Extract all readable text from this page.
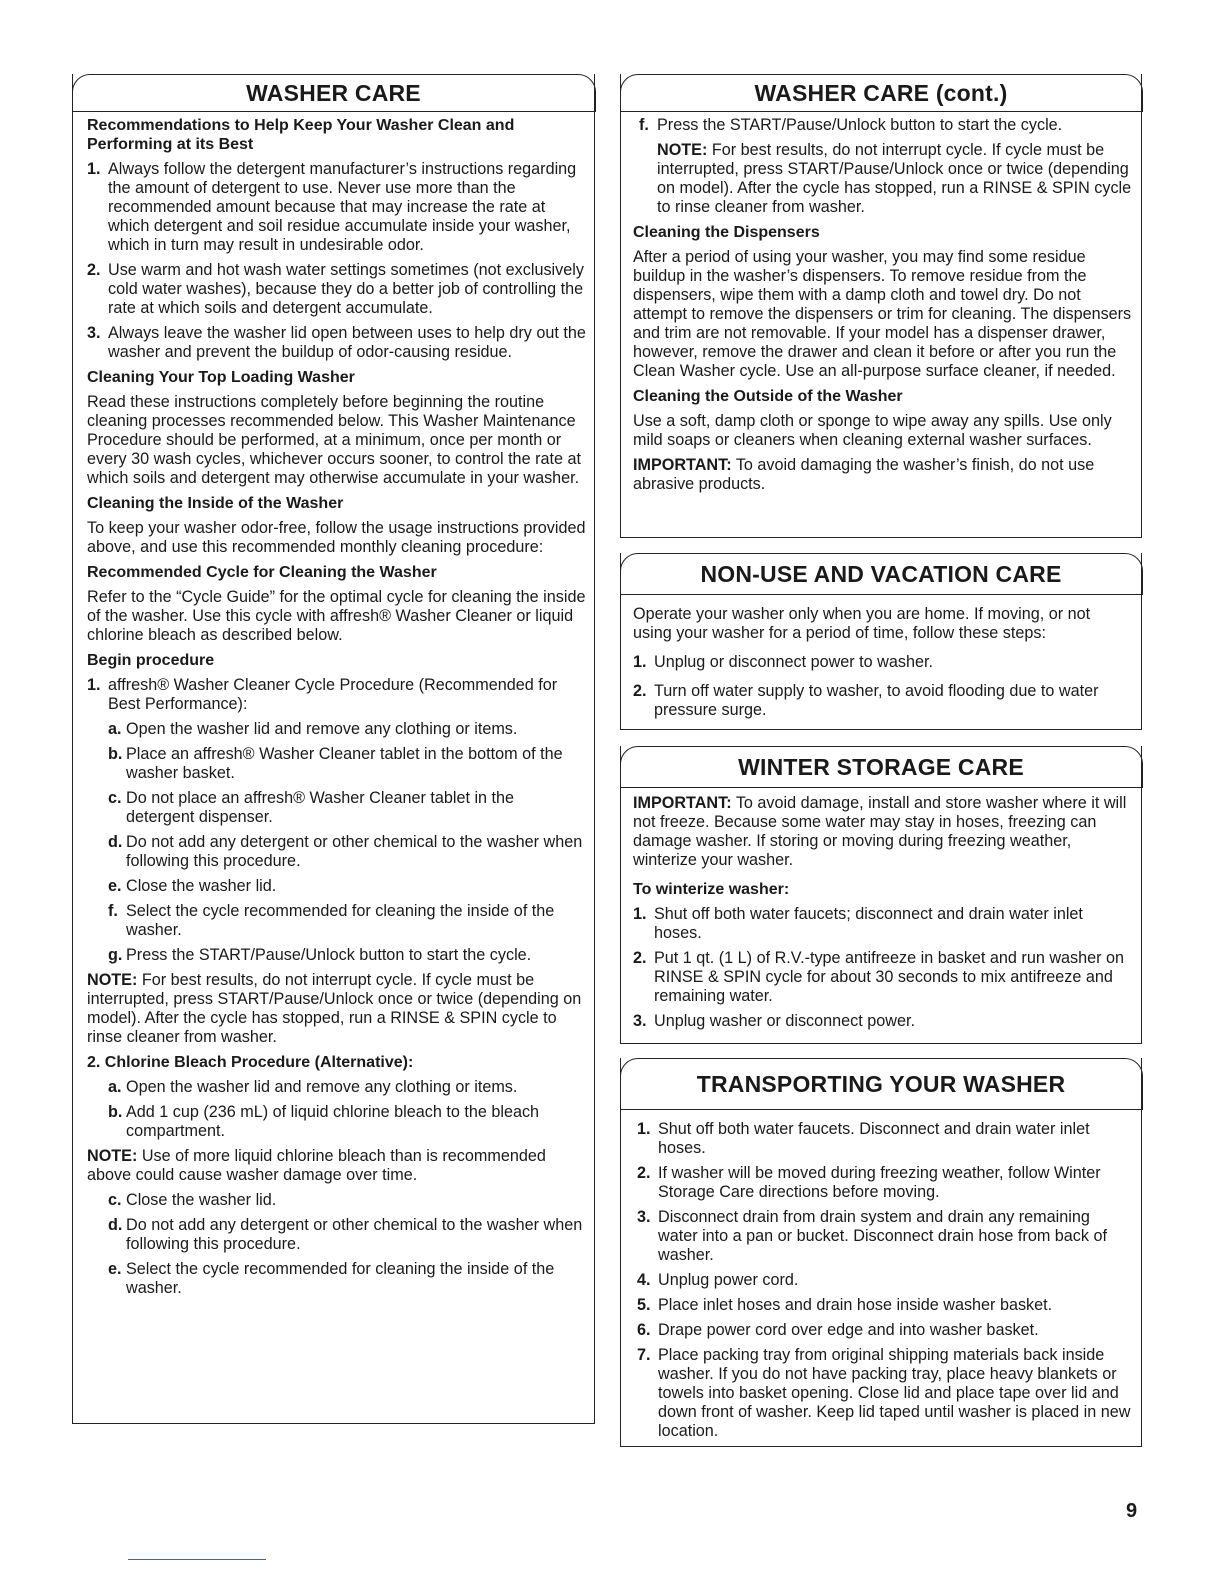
WASHER CARE
Recommendations to Help Keep Your Washer Clean and Performing at its Best
1. Always follow the detergent manufacturer’s instructions regarding the amount of detergent to use. Never use more than the recommended amount because that may increase the rate at which detergent and soil residue accumulate inside your washer, which in turn may result in undesirable odor.
2. Use warm and hot wash water settings sometimes (not exclusively cold water washes), because they do a better job of controlling the rate at which soils and detergent accumulate.
3. Always leave the washer lid open between uses to help dry out the washer and prevent the buildup of odor-causing residue.
Cleaning Your Top Loading Washer

Read these instructions completely before beginning the routine cleaning processes recommended below. This Washer Maintenance Procedure should be performed, at a minimum, once per month or every 30 wash cycles, whichever occurs sooner, to control the rate at which soils and detergent may otherwise accumulate in your washer.

Cleaning the Inside of the Washer

To keep your washer odor-free, follow the usage instructions provided above, and use this recommended monthly cleaning procedure:

Recommended Cycle for Cleaning the Washer

Refer to the “Cycle Guide” for the optimal cycle for cleaning the inside of the washer. Use this cycle with affresh® Washer Cleaner or liquid chlorine bleach as described below.

Begin procedure
1. affresh® Washer Cleaner Cycle Procedure (Recommended for Best Performance):
a. Open the washer lid and remove any clothing or items.
b. Place an affresh® Washer Cleaner tablet in the bottom of the washer basket.
c. Do not place an affresh® Washer Cleaner tablet in the detergent dispenser.
d. Do not add any detergent or other chemical to the washer when following this procedure.
e. Close the washer lid.
f. Select the cycle recommended for cleaning the inside of the washer.
g. Press the START/Pause/Unlock button to start the cycle.

NOTE: For best results, do not interrupt cycle. If cycle must be interrupted, press START/Pause/Unlock once or twice (depending on model). After the cycle has stopped, run a RINSE & SPIN cycle to rinse cleaner from washer.

2. Chlorine Bleach Procedure (Alternative):
a. Open the washer lid and remove any clothing or items.
b. Add 1 cup (236 mL) of liquid chlorine bleach to the bleach compartment.

NOTE: Use of more liquid chlorine bleach than is recommended above could cause washer damage over time.

c. Close the washer lid.
d. Do not add any detergent or other chemical to the washer when following this procedure.
e. Select the cycle recommended for cleaning the inside of the washer.
WASHER CARE (cont.)
f. Press the START/Pause/Unlock button to start the cycle.

NOTE: For best results, do not interrupt cycle. If cycle must be interrupted, press START/Pause/Unlock once or twice (depending on model). After the cycle has stopped, run a RINSE & SPIN cycle to rinse cleaner from washer.

Cleaning the Dispensers

After a period of using your washer, you may find some residue buildup in the washer’s dispensers. To remove residue from the dispensers, wipe them with a damp cloth and towel dry. Do not attempt to remove the dispensers or trim for cleaning. The dispensers and trim are not removable. If your model has a dispenser drawer, however, remove the drawer and clean it before or after you run the Clean Washer cycle. Use an all-purpose surface cleaner, if needed.

Cleaning the Outside of the Washer

Use a soft, damp cloth or sponge to wipe away any spills. Use only mild soaps or cleaners when cleaning external washer surfaces.

IMPORTANT: To avoid damaging the washer’s finish, do not use abrasive products.

NON-USE AND VACATION CARE

Operate your washer only when you are home. If moving, or not using your washer for a period of time, follow these steps:

1. Unplug or disconnect power to washer.
2. Turn off water supply to washer, to avoid flooding due to water pressure surge.
WINTER STORAGE CARE

IMPORTANT: To avoid damage, install and store washer where it will not freeze. Because some water may stay in hoses, freezing can damage washer. If storing or moving during freezing weather, winterize your washer.

To winterize washer:
1. Shut off both water faucets; disconnect and drain water inlet hoses.
2. Put 1 qt. (1 L) of R.V.-type antifreeze in basket and run washer on RINSE & SPIN cycle for about 30 seconds to mix antifreeze and remaining water.
3. Unplug washer or disconnect power.
TRANSPORTING YOUR WASHER
1. Shut off both water faucets. Disconnect and drain water inlet hoses.
2. If washer will be moved during freezing weather, follow Winter Storage Care directions before moving.
3. Disconnect drain from drain system and drain any remaining water into a pan or bucket. Disconnect drain hose from back of washer.
4. Unplug power cord.
5. Place inlet hoses and drain hose inside washer basket.
6. Drape power cord over edge and into washer basket.
7. Place packing tray from original shipping materials back inside washer. If you do not have packing tray, place heavy blankets or towels into basket opening. Close lid and place tape over lid and down front of washer. Keep lid taped until washer is placed in new location.
9
